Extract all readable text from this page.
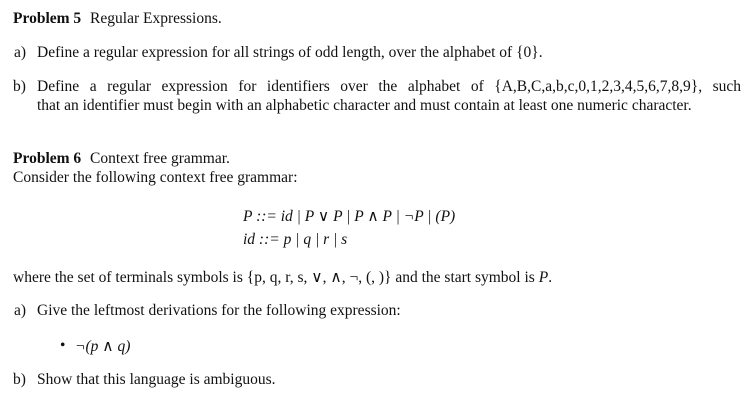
Problem 5 Regular Expressions.
a) Define a regular expression for all strings of odd length, over the alphabet of {0}.
b) Define a regular expression for identifiers over the alphabet of {A,B,C,a,b,c,0,1,2,3,4,5,6,7,8,9}, such
that an identifier must begin with an alphabetic character and must contain at least one numeric character.
Problem 6 Context free grammar.
Consider the following context free grammar:
P ::= id | P ∨ P | P ∧ P | ¬P | (P)
id ::= p | q | r | s
where the set of terminals symbols is {p, q, r, s, ∨, ∧, ¬, (, )} and the start symbol is P.
a) Give the leftmost derivations for the following expression:
• ¬(p ∧ q)
b) Show that this language is ambiguous.
